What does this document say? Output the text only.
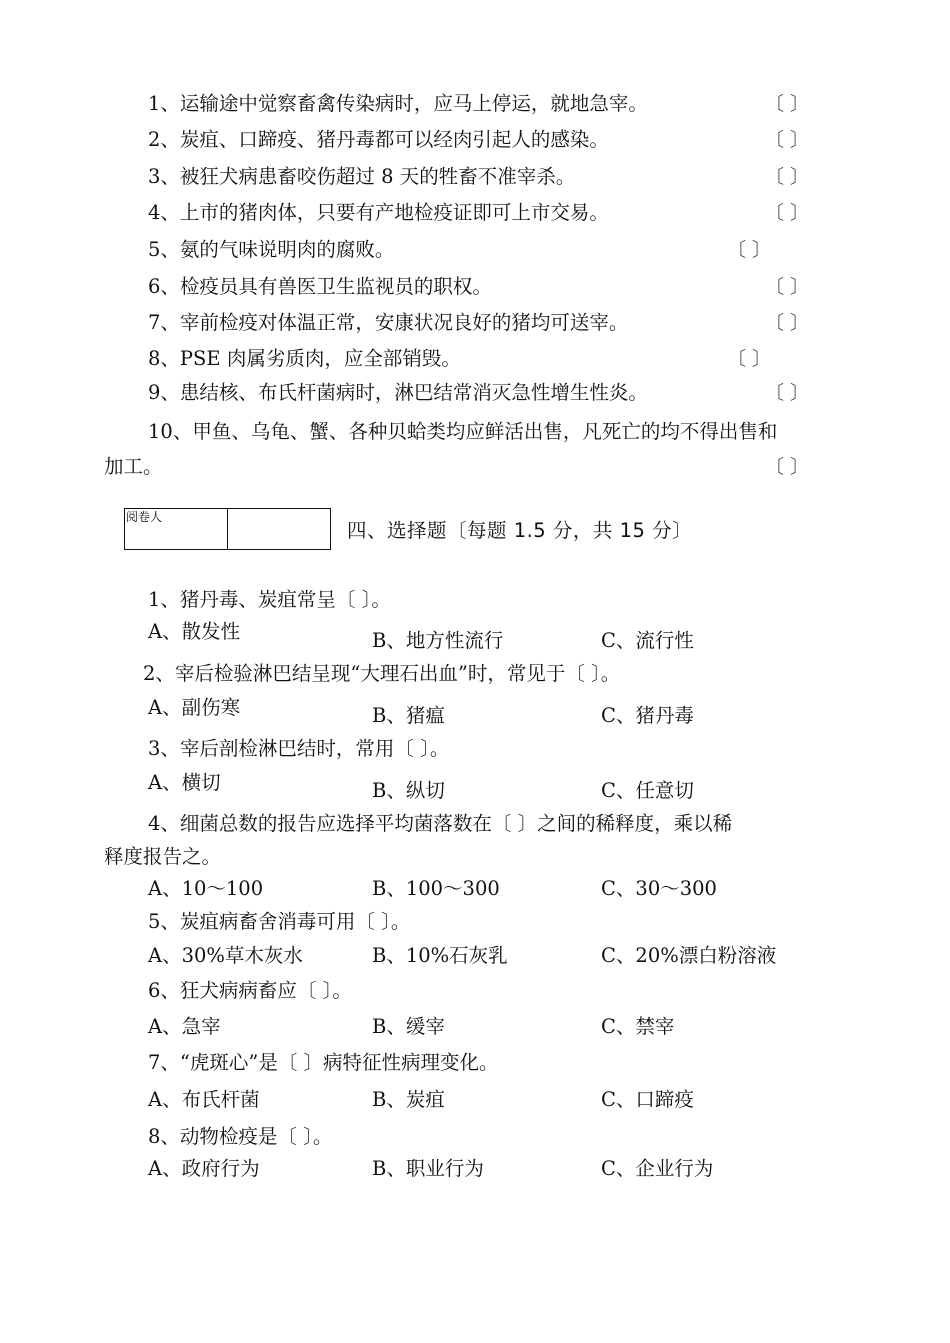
1、运输途中觉察畜禽传染病时，应马上停运，就地急宰。	〔 〕
2、炭疽、口蹄疫、猪丹毒都可以经肉引起人的感染。	〔 〕
3、被狂犬病患畜咬伤超过 8 天的牲畜不准宰杀。	〔 〕
4、上市的猪肉体，只要有产地检疫证即可上市交易。	〔 〕
5、氨的气味说明肉的腐败。	〔 〕
6、检疫员具有兽医卫生监视员的职权。	〔 〕
7、宰前检疫对体温正常，安康状况良好的猪均可送宰。	〔 〕
8、PSE 肉属劣质肉，应全部销毁。	〔 〕
9、患结核、布氏杆菌病时，淋巴结常消灭急性增生性炎。	〔 〕
10、甲鱼、乌龟、蟹、各种贝蛤类均应鲜活出售，凡死亡的均不得出售和
加工。	〔 〕
阅卷人
四、选择题〔每题 1.5 分，共 15 分〕
1、猪丹毒、炭疽常呈〔 〕。
A、散发性	B、地方性流行	C、流行性
2、宰后检验淋巴结呈现“大理石出血”时，常见于〔 〕。
A、副伤寒	B、猪瘟	C、猪丹毒
3、宰后剖检淋巴结时，常用〔 〕。
A、横切	B、纵切	C、任意切
4、细菌总数的报告应选择平均菌落数在〔 〕之间的稀释度，乘以稀
释度报告之。
A、10～100	B、100～300	C、30～300
5、炭疽病畜舍消毒可用〔 〕。
A、30%草木灰水	B、10%石灰乳	C、20%漂白粉溶液
6、狂犬病病畜应〔 〕。
A、急宰	B、缓宰	C、禁宰
7、“虎斑心”是〔 〕病特征性病理变化。
A、布氏杆菌	B、炭疽	C、口蹄疫
8、动物检疫是〔 〕。
A、政府行为	B、职业行为	C、企业行为
